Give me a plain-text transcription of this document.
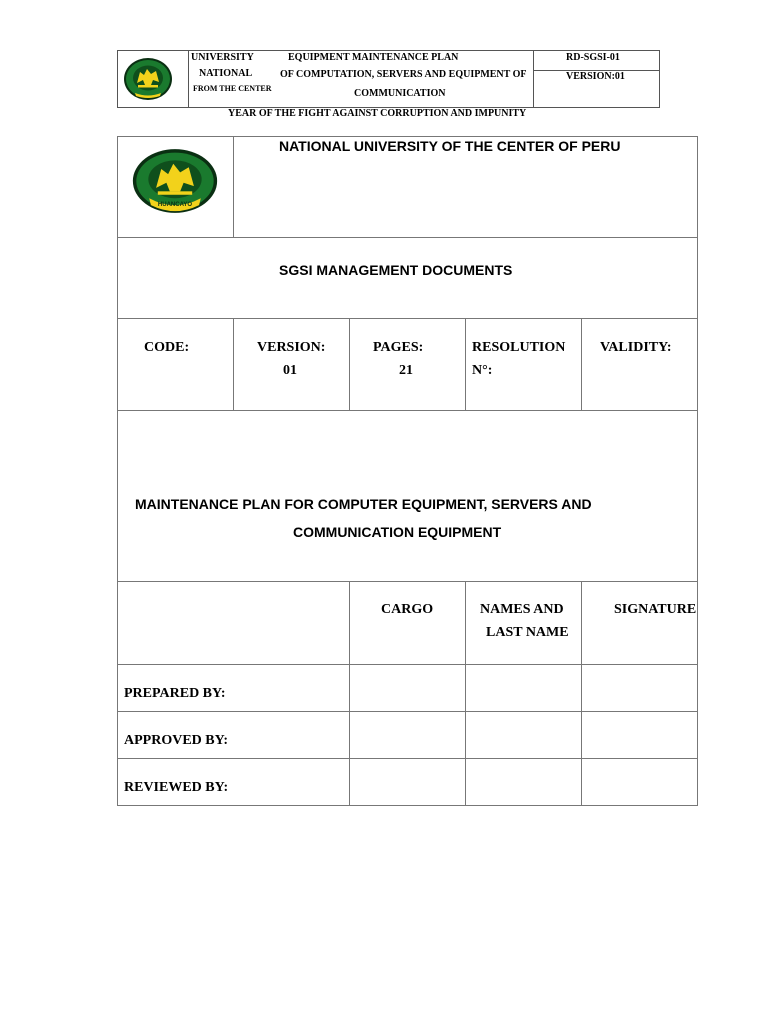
UNIVERSITY
NATIONAL
FROM THE CENTER
EQUIPMENT MAINTENANCE PLAN
OF COMPUTATION, SERVERS AND EQUIPMENT OF
COMMUNICATION
RD-SGSI-01
VERSION:01
YEAR OF THE FIGHT AGAINST CORRUPTION AND IMPUNITY
HUANCAYO
NATIONAL UNIVERSITY OF THE CENTER OF PERU
SGSI MANAGEMENT DOCUMENTS
CODE:	VERSION:
01
PAGES:
21
RESOLUTION
N°:
VALIDITY:
MAINTENANCE PLAN FOR COMPUTER EQUIPMENT, SERVERS AND
COMMUNICATION EQUIPMENT
CARGO	NAMES AND
LAST NAME
SIGNATURE
PREPARED BY:
APPROVED BY:
REVIEWED BY:
